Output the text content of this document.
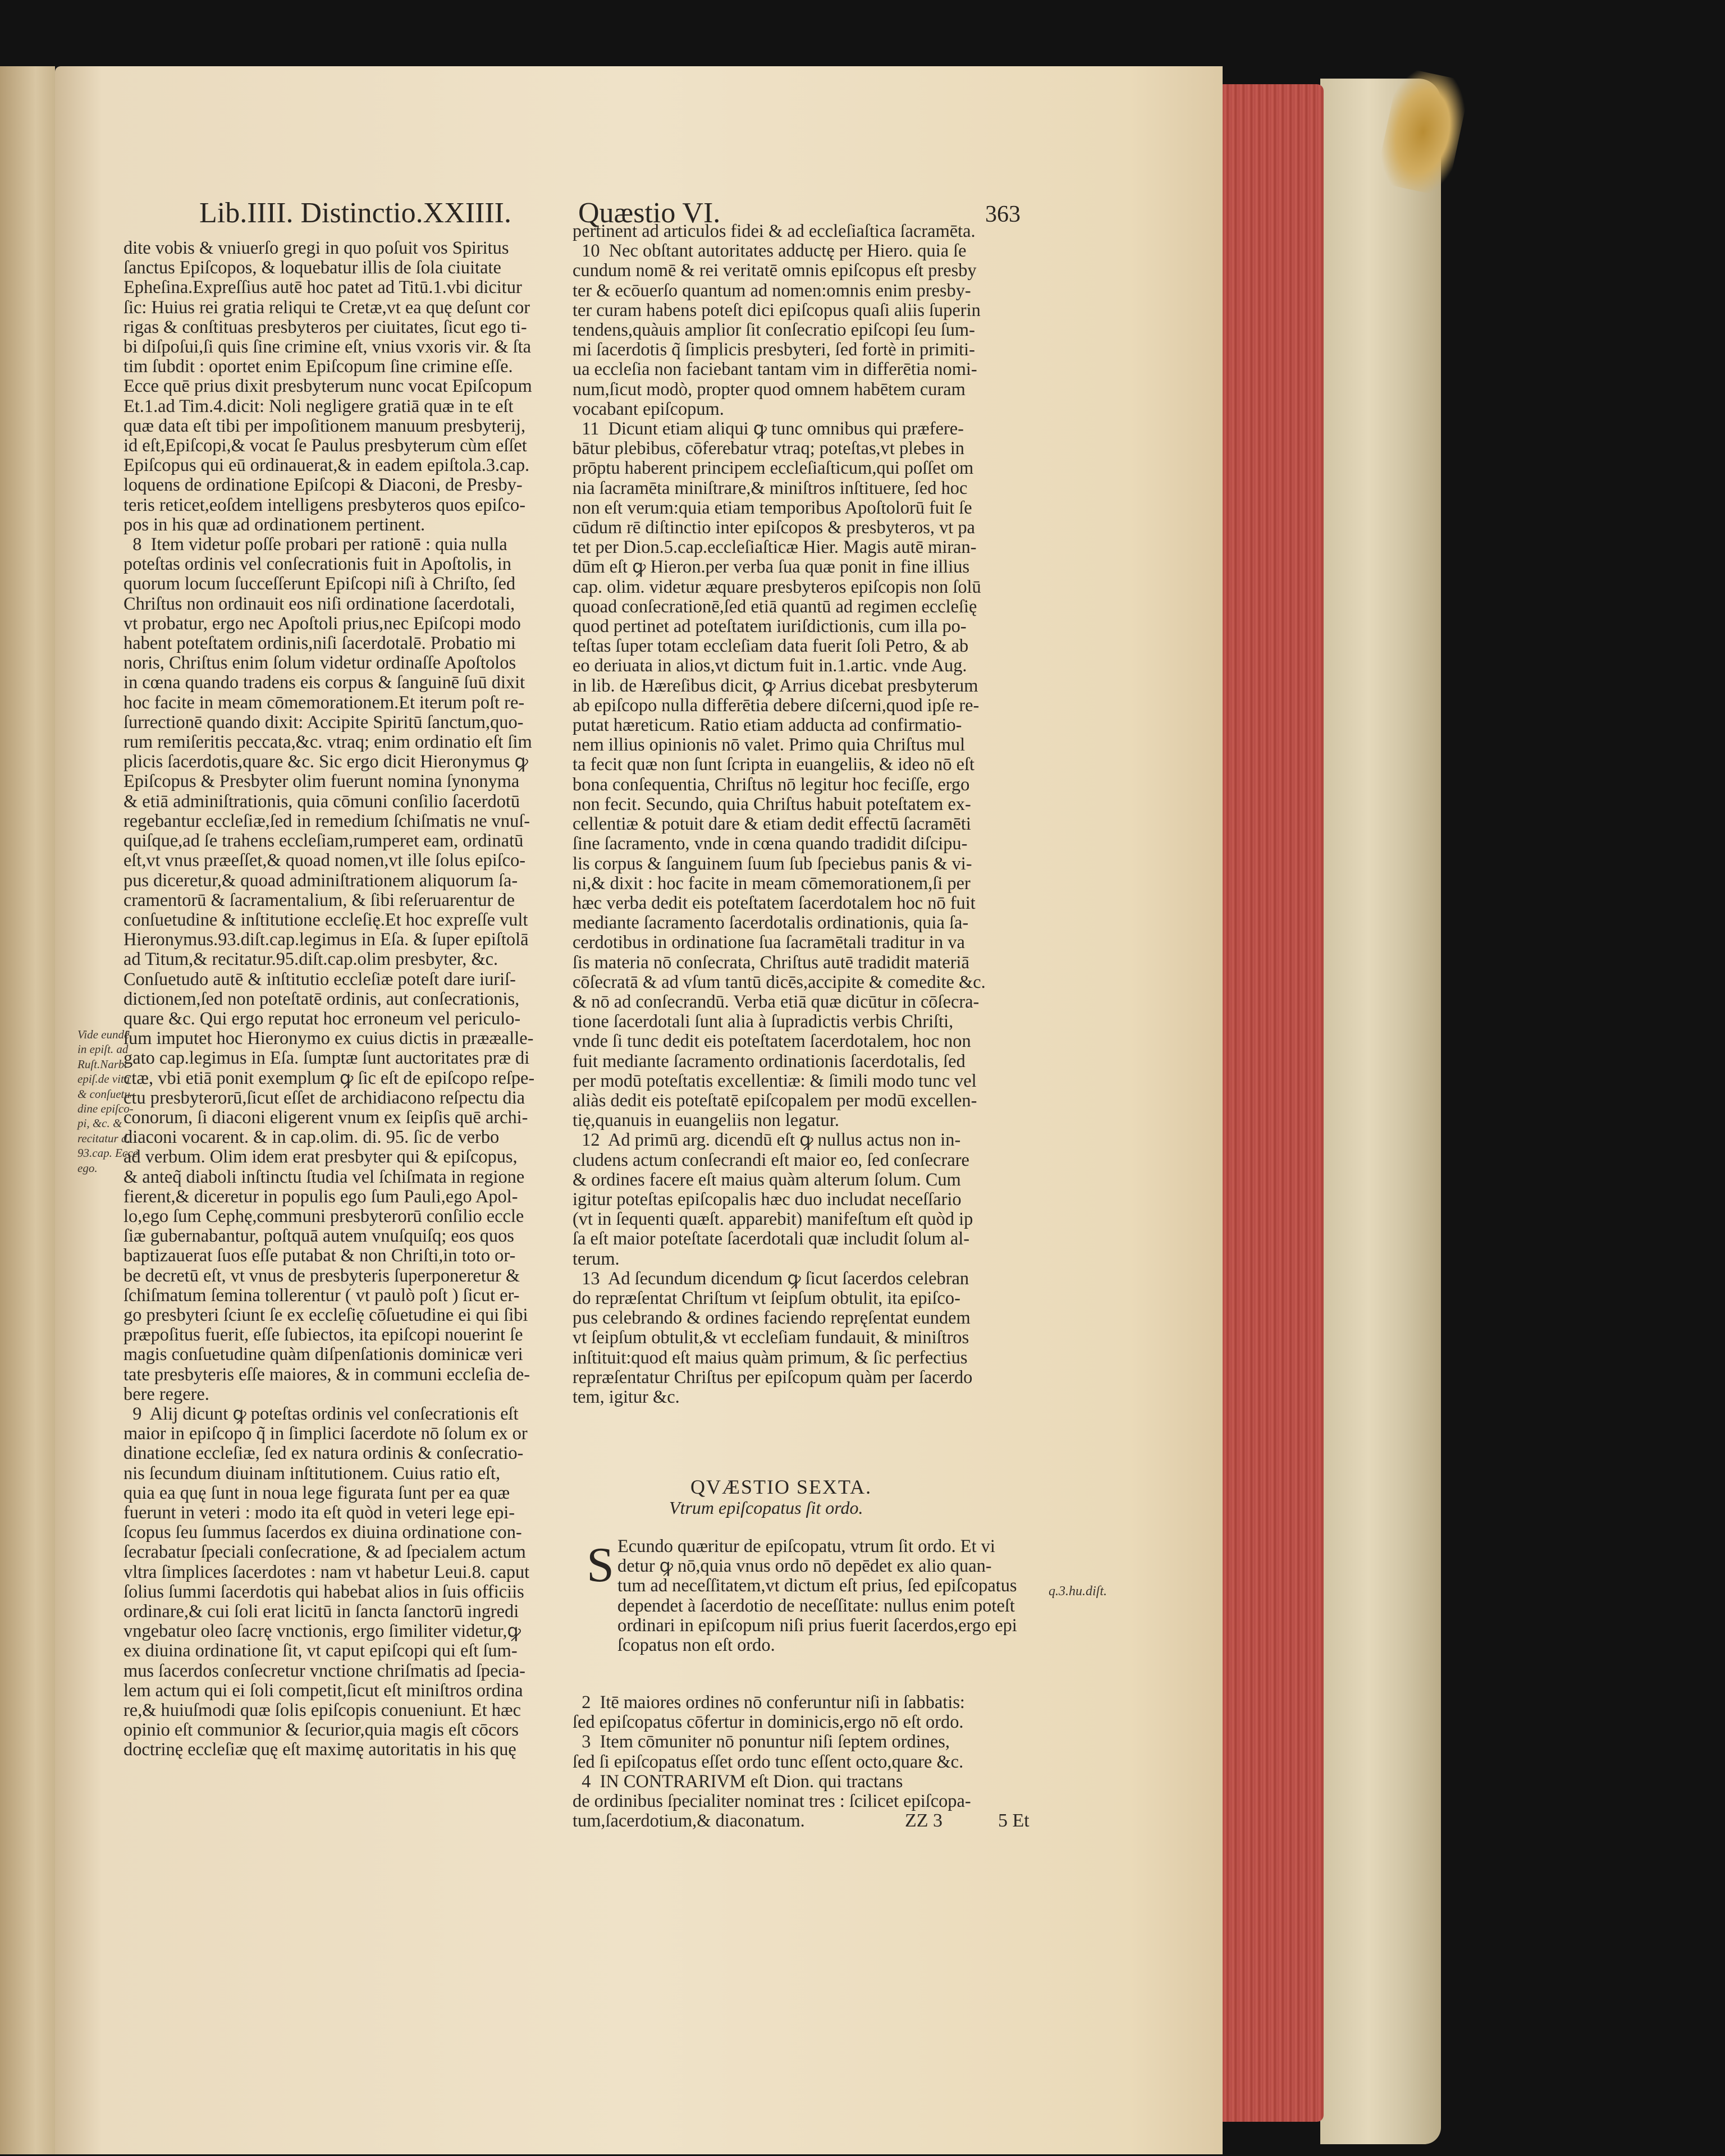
Lib.IIII. Distinctio.XXIIII. Quæstio VI.	363

dite vobis & vniuerſo gregi in quo poſuit vos Spiritus

ſanctus Epiſcopos, & loquebatur illis de ſola ciuitate

Epheſina.Expreſſius autē hoc patet ad Titū.1.vbi dicitur

ſic: Huius rei gratia reliqui te Cretæ,vt ea quę deſunt cor

rigas & conſtituas presbyteros per ciuitates, ſicut ego ti-

bi diſpoſui,ſi quis ſine crimine eſt, vnius vxoris vir. & ſta

tim ſubdit : oportet enim Epiſcopum ſine crimine eſſe.

Ecce quē prius dixit presbyterum nunc vocat Epiſcopum

Et.1.ad Tim.4.dicit: Noli negligere gratiā quæ in te eſt

quæ data eſt tibi per impoſitionem manuum presbyterij,

id eſt,Epiſcopi,& vocat ſe Paulus presbyterum cùm eſſet

Epiſcopus qui eū ordinauerat,& in eadem epiſtola.3.cap.

loquens de ordinatione Epiſcopi & Diaconi, de Presby-

teris reticet,eoſdem intelligens presbyteros quos epiſco-

pos in his quæ ad ordinationem pertinent.

8  Item videtur poſſe probari per rationē : quia nulla

poteſtas ordinis vel conſecrationis fuit in Apoſtolis, in

quorum locum ſucceſſerunt Epiſcopi niſi à Chriſto, ſed

Chriſtus non ordinauit eos niſi ordinatione ſacerdotali,

vt probatur, ergo nec Apoſtoli prius,nec Epiſcopi modo

habent poteſtatem ordinis,niſi ſacerdotalē. Probatio mi

noris, Chriſtus enim ſolum videtur ordinaſſe Apoſtolos

in cœna quando tradens eis corpus & ſanguinē ſuū dixit

hoc facite in meam cōmemorationem.Et iterum poſt re-

ſurrectionē quando dixit: Accipite Spiritū ſanctum,quo-

rum remiſeritis peccata,&c. vtraq; enim ordinatio eſt ſim

plicis ſacerdotis,quare &c. Sic ergo dicit Hieronymus ꝙ

Epiſcopus & Presbyter olim fuerunt nomina ſynonyma

& etiā adminiſtrationis, quia cōmuni conſilio ſacerdotū

regebantur eccleſiæ,ſed in remedium ſchiſmatis ne vnuſ-

quiſque,ad ſe trahens eccleſiam,rumperet eam, ordinatū

eſt,vt vnus præeſſet,& quoad nomen,vt ille ſolus epiſco-

pus diceretur,& quoad adminiſtrationem aliquorum ſa-

cramentorū & ſacramentalium, & ſibi reſeruarentur de

conſuetudine & inſtitutione eccleſię.Et hoc expreſſe vult

Hieronymus.93.diſt.cap.legimus in Eſa. & ſuper epiſtolā

ad Titum,& recitatur.95.diſt.cap.olim presbyter, &c.

Conſuetudo autē & inſtitutio eccleſiæ poteſt dare iuriſ-

dictionem,ſed non poteſtatē ordinis, aut conſecrationis,

quare &c. Qui ergo reputat hoc erroneum vel periculo-

ſum imputet hoc Hieronymo ex cuius dictis in prææalle-

gato cap.legimus in Eſa. ſumptæ ſunt auctoritates præ di

ctæ, vbi etiā ponit exemplum ꝙ ſic eſt de epiſcopo reſpe-

ctu presbyterorū,ſicut eſſet de archidiacono reſpectu dia

conorum, ſi diaconi eligerent vnum ex ſeipſis quē archi-

diaconi vocarent. & in cap.olim. di. 95. ſic de verbo

ad verbum. Olim idem erat presbyter qui & epiſcopus,

& anteq̃ diaboli inſtinctu ſtudia vel ſchiſmata in regione

fierent,& diceretur in populis ego ſum Pauli,ego Apol-

lo,ego ſum Cephę,communi presbyterorū conſilio eccle

ſiæ gubernabantur, poſtquā autem vnuſquiſq; eos quos

baptizauerat ſuos eſſe putabat & non Chriſti,in toto or-

be decretū eſt, vt vnus de presbyteris ſuperponeretur &

ſchiſmatum ſemina tollerentur ( vt paulò poſt ) ſicut er-

go presbyteri ſciunt ſe ex eccleſię cōſuetudine ei qui ſibi

præpoſitus fuerit, eſſe ſubiectos, ita epiſcopi nouerint ſe

magis conſuetudine quàm diſpenſationis dominicæ veri

tate presbyteris eſſe maiores, & in communi eccleſia de-

bere regere.

9  Alij dicunt ꝙ poteſtas ordinis vel conſecrationis eſt

maior in epiſcopo q̃ in ſimplici ſacerdote nō ſolum ex or

dinatione eccleſiæ, ſed ex natura ordinis & conſecratio-

nis ſecundum diuinam inſtitutionem. Cuius ratio eſt,

quia ea quę ſunt in noua lege figurata ſunt per ea quæ

fuerunt in veteri : modo ita eſt quòd in veteri lege epi-

ſcopus ſeu ſummus ſacerdos ex diuina ordinatione con-

ſecrabatur ſpeciali conſecratione, & ad ſpecialem actum

vltra ſimplices ſacerdotes : nam vt habetur Leui.8. caput

ſolius ſummi ſacerdotis qui habebat alios in ſuis officiis

ordinare,& cui ſoli erat licitū in ſancta ſanctorū ingredi

vngebatur oleo ſacrę vnctionis, ergo ſimiliter videtur,ꝙ

ex diuina ordinatione ſit, vt caput epiſcopi qui eſt ſum-

mus ſacerdos conſecretur vnctione chriſmatis ad ſpecia-

lem actum qui ei ſoli competit,ſicut eſt miniſtros ordina

re,& huiuſmodi quæ ſolis epiſcopis conueniunt. Et hæc

opinio eſt communior & ſecurior,quia magis eſt cōcors

doctrinę eccleſiæ quę eſt maximę autoritatis in his quę

Vide eundē

in epiſt. ad

Ruſt.Narb.

epiſ.de vita

& conſuetu-

dine epiſco-

pi, &c. &

recitatur d.

93.cap. Ecce

ego.

pertinent ad articulos fidei & ad eccleſiaſtica ſacramēta.

10  Nec obſtant autoritates adductę per Hiero. quia ſe

cundum nomē & rei veritatē omnis epiſcopus eſt presby

ter & ecōuerſo quantum ad nomen:omnis enim presby-

ter curam habens poteſt dici epiſcopus quaſi aliis ſuperin

tendens,quàuis amplior ſit conſecratio epiſcopi ſeu ſum-

mi ſacerdotis q̃ ſimplicis presbyteri, ſed fortè in primiti-

ua eccleſia non faciebant tantam vim in differētia nomi-

num,ſicut modò, propter quod omnem habētem curam

vocabant epiſcopum.

11  Dicunt etiam aliqui ꝙ tunc omnibus qui præfere-

bātur plebibus, cōferebatur vtraq; poteſtas,vt plebes in

prōptu haberent principem eccleſiaſticum,qui poſſet om

nia ſacramēta miniſtrare,& miniſtros inſtituere, ſed hoc

non eſt verum:quia etiam temporibus Apoſtolorū fuit ſe

cūdum rē diſtinctio inter epiſcopos & presbyteros, vt pa

tet per Dion.5.cap.eccleſiaſticæ Hier. Magis autē miran-

dūm eſt ꝙ Hieron.per verba ſua quæ ponit in fine illius

cap. olim. videtur æquare presbyteros epiſcopis non ſolū

quoad conſecrationē,ſed etiā quantū ad regimen eccleſię

quod pertinet ad poteſtatem iuriſdictionis, cum illa po-

teſtas ſuper totam eccleſiam data fuerit ſoli Petro, & ab

eo deriuata in alios,vt dictum fuit in.1.artic. vnde Aug.

in lib. de Hæreſibus dicit, ꝙ Arrius dicebat presbyterum

ab epiſcopo nulla differētia debere diſcerni,quod ipſe re-

putat hæreticum. Ratio etiam adducta ad confirmatio-

nem illius opinionis nō valet. Primo quia Chriſtus mul

ta fecit quæ non ſunt ſcripta in euangeliis, & ideo nō eſt

bona conſequentia, Chriſtus nō legitur hoc feciſſe, ergo

non fecit. Secundo, quia Chriſtus habuit poteſtatem ex-

cellentiæ & potuit dare & etiam dedit effectū ſacramēti

ſine ſacramento, vnde in cœna quando tradidit diſcipu-

lis corpus & ſanguinem ſuum ſub ſpeciebus panis & vi-

ni,& dixit : hoc facite in meam cōmemorationem,ſi per

hæc verba dedit eis poteſtatem ſacerdotalem hoc nō fuit

mediante ſacramento ſacerdotalis ordinationis, quia ſa-

cerdotibus in ordinatione ſua ſacramētali traditur in va

ſis materia nō conſecrata, Chriſtus autē tradidit materiā

cōſecratā & ad vſum tantū dicēs,accipite & comedite &c.

& nō ad conſecrandū. Verba etiā quæ dicūtur in cōſecra-

tione ſacerdotali ſunt alia à ſupradictis verbis Chriſti,

vnde ſi tunc dedit eis poteſtatem ſacerdotalem, hoc non

fuit mediante ſacramento ordinationis ſacerdotalis, ſed

per modū poteſtatis excellentiæ: & ſimili modo tunc vel

aliàs dedit eis poteſtatē epiſcopalem per modū excellen-

tię,quanuis in euangeliis non legatur.

12  Ad primū arg. dicendū eſt ꝙ nullus actus non in-

cludens actum conſecrandi eſt maior eo, ſed conſecrare

& ordines facere eſt maius quàm alterum ſolum. Cum

igitur poteſtas epiſcopalis hæc duo includat neceſſario

(vt in ſequenti quæſt. apparebit) manifeſtum eſt quòd ip

ſa eſt maior poteſtate ſacerdotali quæ includit ſolum al-

terum.

13  Ad ſecundum dicendum ꝙ ſicut ſacerdos celebran

do repræſentat Chriſtum vt ſeipſum obtulit, ita epiſco-

pus celebrando & ordines faciendo repręſentat eundem

vt ſeipſum obtulit,& vt eccleſiam fundauit, & miniſtros

inſtituit:quod eſt maius quàm primum, & ſic perfectius

repræſentatur Chriſtus per epiſcopum quàm per ſacerdo

tem, igitur &c.

QVÆSTIO SEXTA.
Vtrum epiſcopatus ſit ordo.
S Ecundo quæritur de epiſcopatu, vtrum ſit ordo. Et vi

detur ꝙ nō,quia vnus ordo nō depēdet ex alio quan-

tum ad neceſſitatem,vt dictum eſt prius, ſed epiſcopatus

dependet à ſacerdotio de neceſſitate: nullus enim poteſt

ordinari in epiſcopum niſi prius fuerit ſacerdos,ergo epi

ſcopatus non eſt ordo.

q.3.hu.diſt.

2  Itē maiores ordines nō conferuntur niſi in ſabbatis:

ſed epiſcopatus cōfertur in dominicis,ergo nō eſt ordo.

3  Item cōmuniter nō ponuntur niſi ſeptem ordines,

ſed ſi epiſcopatus eſſet ordo tunc eſſent octo,quare &c.

4  IN CONTRARIVM eſt Dion. qui tractans

de ordinibus ſpecialiter nominat tres : ſcilicet epiſcopa-

tum,ſacerdotium,& diaconatum.	ZZ 3	5 Et
